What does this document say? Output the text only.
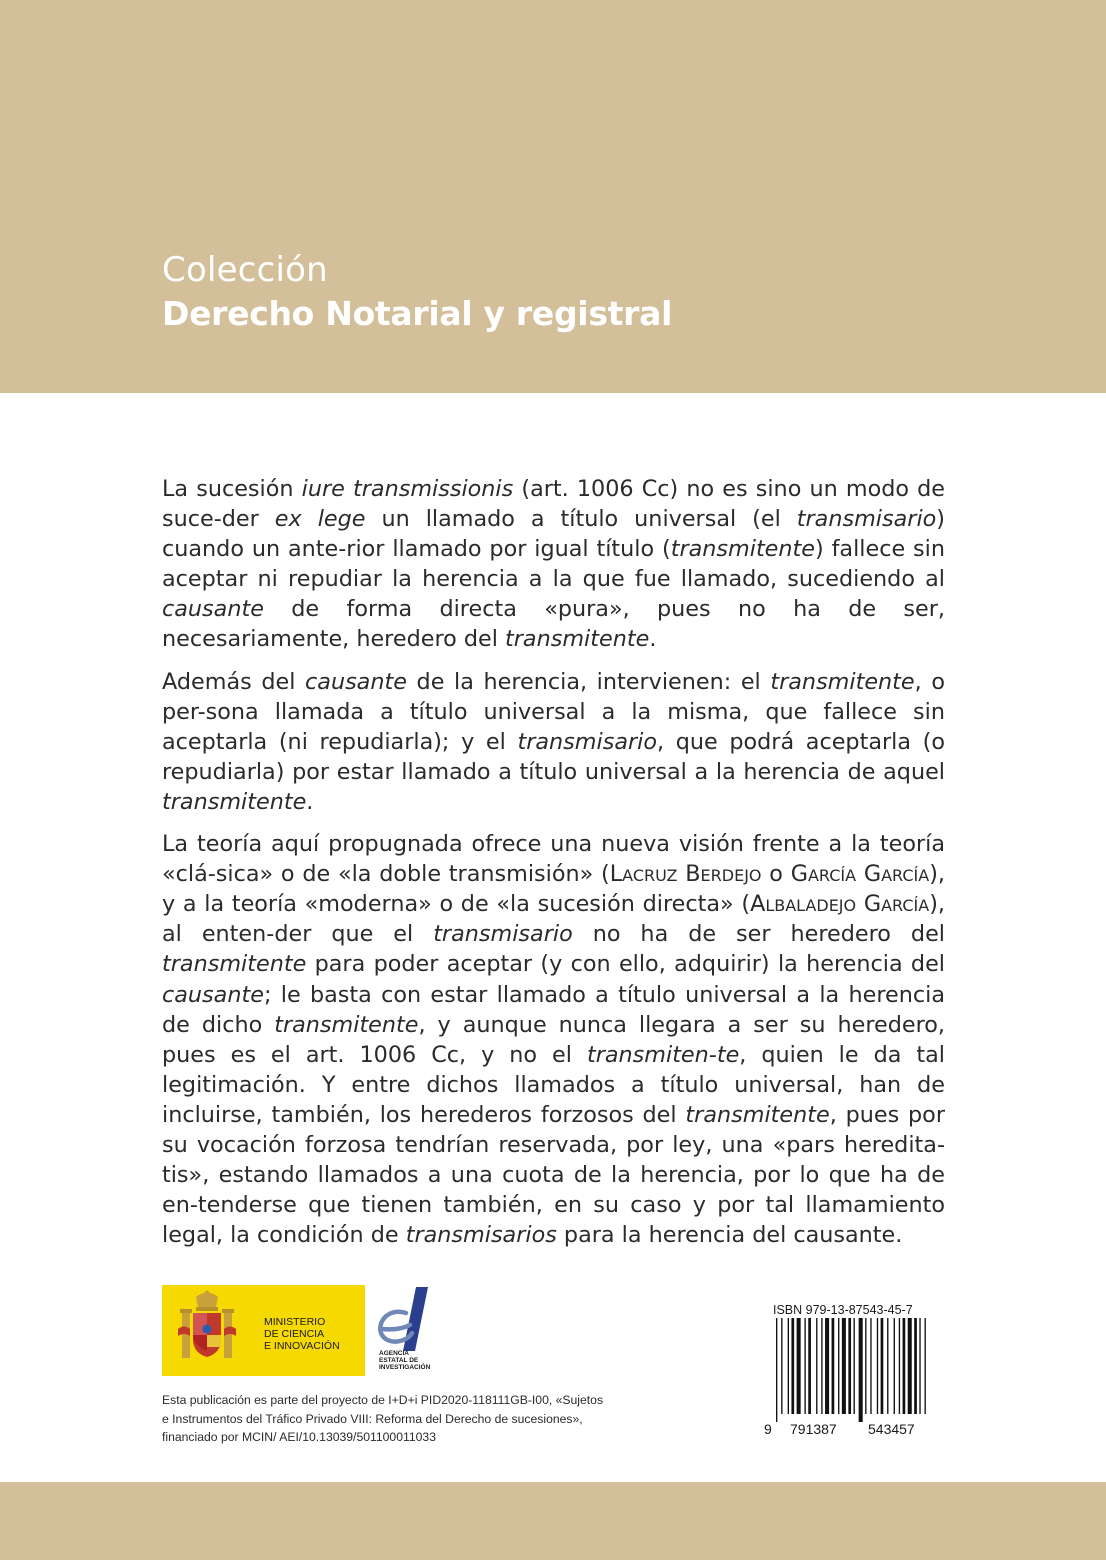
Colección
Derecho Notarial y registral

La sucesión iure transmissionis (art. 1006 Cc) no es sino un modo de suce-der ex lege un llamado a título universal (el transmisario) cuando un ante-rior llamado por igual título (transmitente) fallece sin aceptar ni repudiar la herencia a la que fue llamado, sucediendo al causante de forma directa «pura», pues no ha de ser, necesariamente, heredero del transmitente.

Además del causante de la herencia, intervienen: el transmitente, o per-sona llamada a título universal a la misma, que fallece sin aceptarla (ni repudiarla); y el transmisario, que podrá aceptarla (o repudiarla) por estar llamado a título universal a la herencia de aquel transmitente.

La teoría aquí propugnada ofrece una nueva visión frente a la teoría «clá-sica» o de «la doble transmisión» (Lacruz Berdejo o García García), y a la teoría «moderna» o de «la sucesión directa» (Albaladejo García), al enten-der que el transmisario no ha de ser heredero del transmitente para poder aceptar (y con ello, adquirir) la herencia del causante; le basta con estar llamado a título universal a la herencia de dicho transmitente, y aunque nunca llegara a ser su heredero, pues es el art. 1006 Cc, y no el transmiten-te, quien le da tal legitimación. Y entre dichos llamados a título universal, han de incluirse, también, los herederos forzosos del transmitente, pues por su vocación forzosa tendrían reservada, por ley, una «pars heredita-tis», estando llamados a una cuota de la herencia, por lo que ha de en-tenderse que tienen también, en su caso y por tal llamamiento legal, la condición de transmisarios para la herencia del causante.

MINISTERIO
DE CIENCIA
E INNOVACIÓN
AGENCIA
ESTATAL DE
INVESTIGACIÓN
Esta publicación es parte del proyecto de I+D+i PID2020-118111GB-I00, «Sujetos e Instrumentos del Tráfico Privado VIII: Reforma del Derecho de sucesiones», financiado por MCIN/ AEI/10.13039/501100011033
ISBN 979-13-87543-45-7
9 791387 543457
